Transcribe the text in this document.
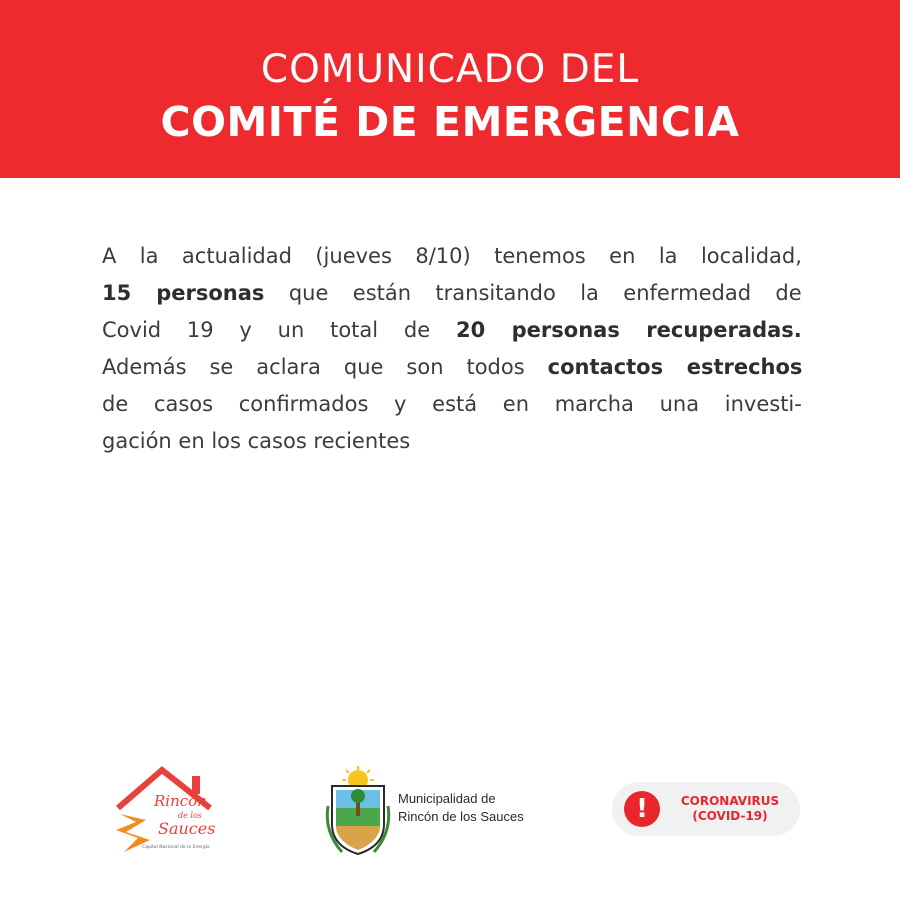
COMUNICADO DEL
COMITÉ DE EMERGENCIA
A la actualidad (jueves 8/10) tenemos en la localidad,
15 personas que están transitando la enfermedad de
Covid 19 y un total de 20 personas recuperadas.
Además se aclara que son todos contactos estrechos
de casos confirmados y está en marcha una investi-
gación en los casos recientes
Rincón
de los
Sauces
Capital Nacional de la Energía
Municipalidad de
Rincón de los Sauces	!	CORONAVIRUS
(COVID-19)
